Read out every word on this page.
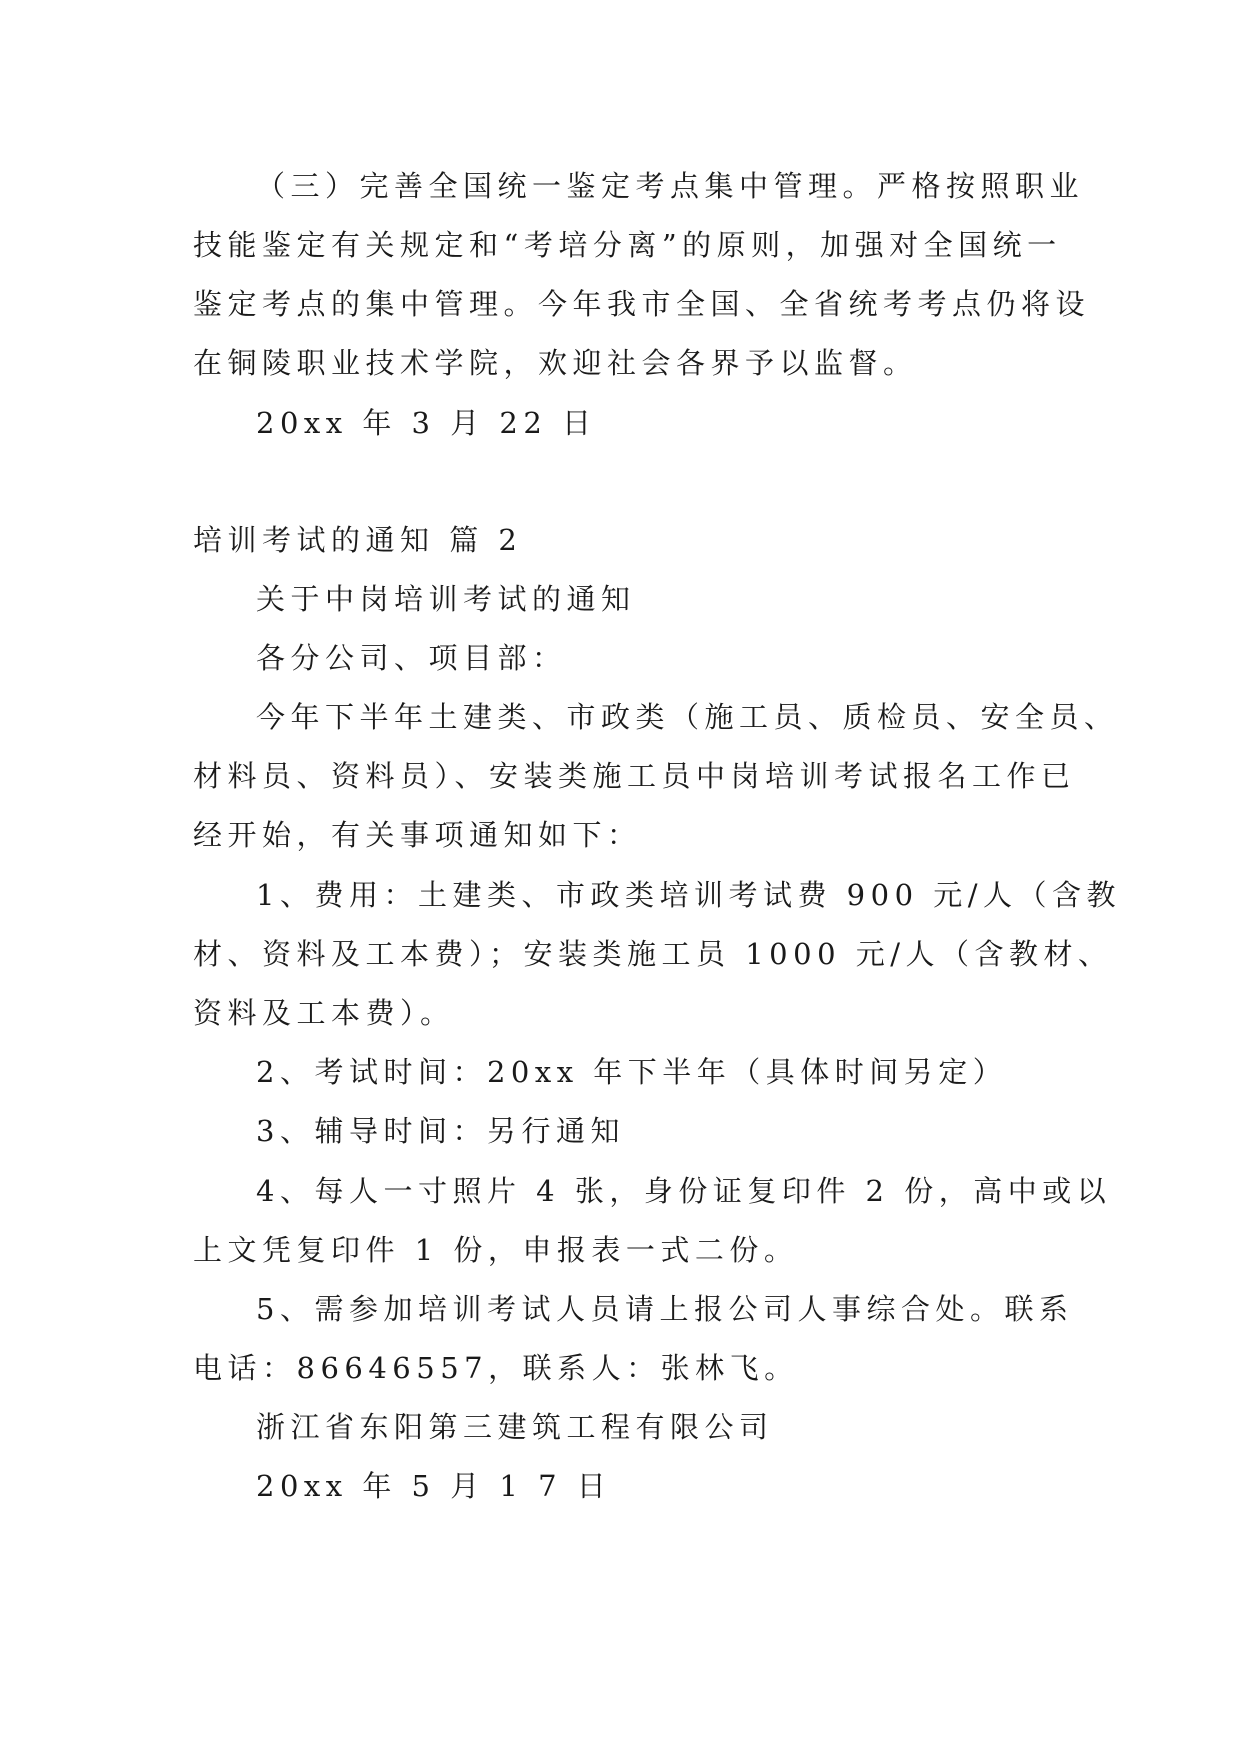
（三）完善全国统一鉴定考点集中管理。严格按照职业
技能鉴定有关规定和“考培分离”的原则，加强对全国统一
鉴定考点的集中管理。今年我市全国、全省统考考点仍将设
在铜陵职业技术学院，欢迎社会各界予以监督。
20xx 年 3 月 22 日
培训考试的通知 篇 2
关于中岗培训考试的通知
各分公司、项目部：
今年下半年土建类、市政类（施工员、质检员、安全员、
材料员、资料员）、安装类施工员中岗培训考试报名工作已
经开始，有关事项通知如下：
1、费用：土建类、市政类培训考试费 900 元/人（含教
材、资料及工本费）；安装类施工员 1000 元/人（含教材、
资料及工本费）。
2、考试时间：20xx 年下半年（具体时间另定）
3、辅导时间：另行通知
4、每人一寸照片 4 张，身份证复印件 2 份，高中或以
上文凭复印件 1 份，申报表一式二份。
5、需参加培训考试人员请上报公司人事综合处。联系
电话：86646557，联系人：张林飞。
浙江省东阳第三建筑工程有限公司
20xx 年 5 月 1 7 日
